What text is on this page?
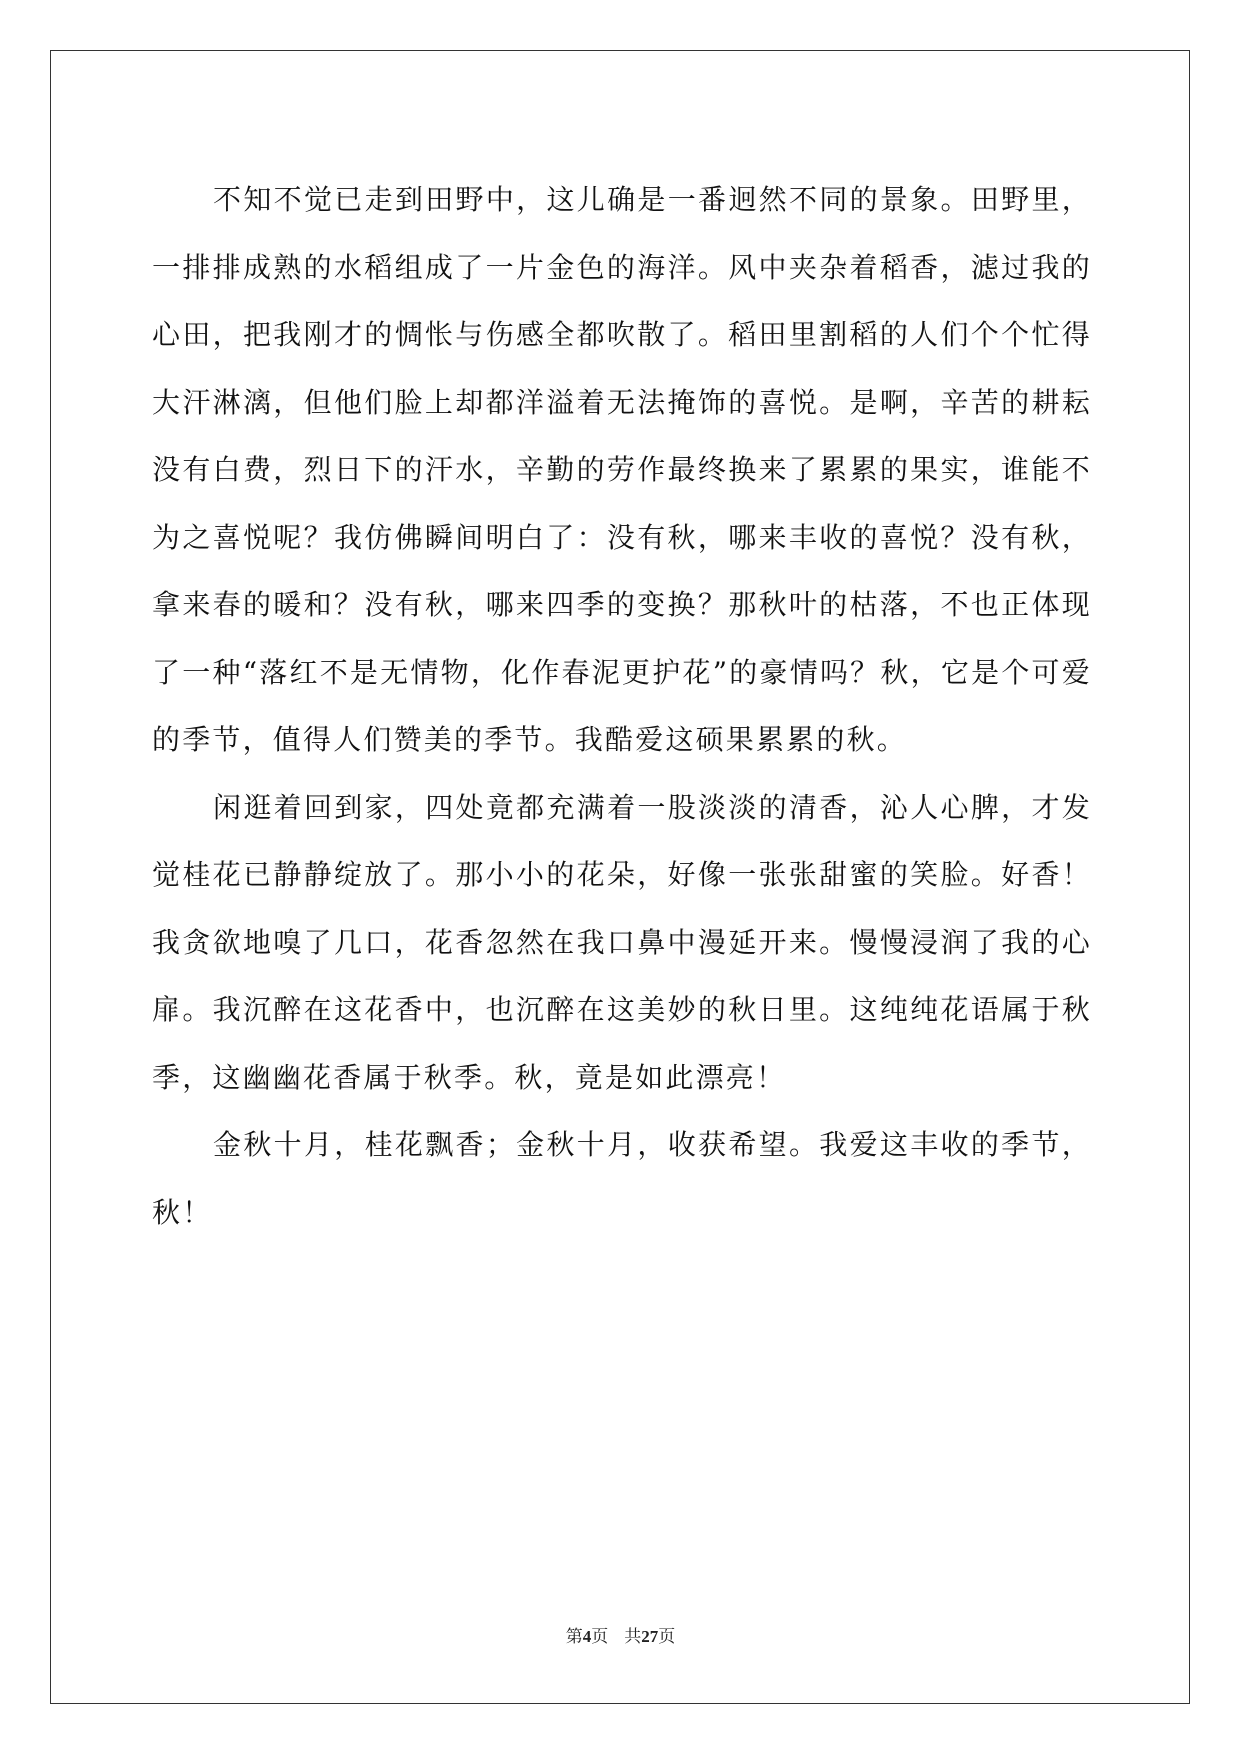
不知不觉已走到田野中，这儿确是一番迥然不同的景象。田野里，一排排成熟的水稻组成了一片金色的海洋。风中夹杂着稻香，滤过我的心田，把我刚才的惆怅与伤感全都吹散了。稻田里割稻的人们个个忙得大汗淋漓，但他们脸上却都洋溢着无法掩饰的喜悦。是啊，辛苦的耕耘没有白费，烈日下的汗水，辛勤的劳作最终换来了累累的果实，谁能不为之喜悦呢？我仿佛瞬间明白了：没有秋，哪来丰收的喜悦？没有秋，拿来春的暖和？没有秋，哪来四季的变换？那秋叶的枯落，不也正体现了一种“落红不是无情物，化作春泥更护花”的豪情吗？秋，它是个可爱的季节，值得人们赞美的季节。我酷爱这硕果累累的秋。

闲逛着回到家，四处竟都充满着一股淡淡的清香，沁人心脾，才发觉桂花已静静绽放了。那小小的花朵，好像一张张甜蜜的笑脸。好香！我贪欲地嗅了几口，花香忽然在我口鼻中漫延开来。慢慢浸润了我的心扉。我沉醉在这花香中，也沉醉在这美妙的秋日里。这纯纯花语属于秋季，这幽幽花香属于秋季。秋，竟是如此漂亮！

金秋十月，桂花飘香；金秋十月，收获希望。我爱这丰收的季节，秋！

第4页 共27页
